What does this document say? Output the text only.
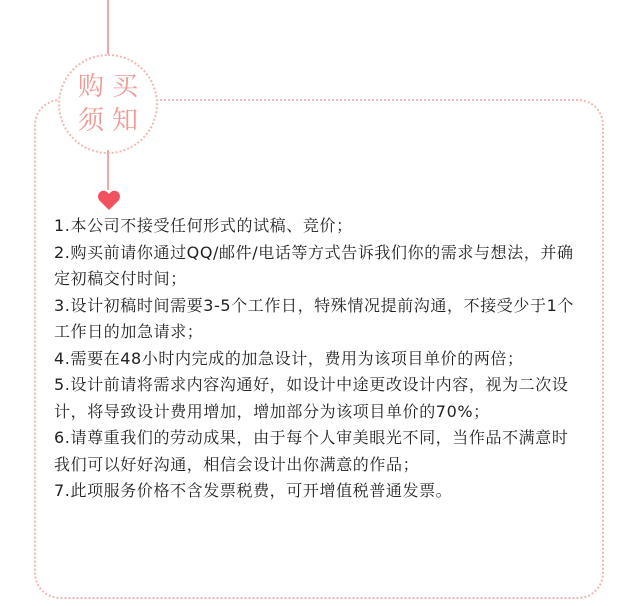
购买
须知
1.本公司不接受任何形式的试稿、竞价；
2.购买前请你通过QQ/邮件/电话等方式告诉我们你的需求与想法，并确定初稿交付时间；
3.设计初稿时间需要3-5个工作日，特殊情况提前沟通，不接受少于1个工作日的加急请求；
4.需要在48小时内完成的加急设计，费用为该项目单价的两倍；
5.设计前请将需求内容沟通好，如设计中途更改设计内容，视为二次设计，将导致设计费用增加，增加部分为该项目单价的70%；
6.请尊重我们的劳动成果，由于每个人审美眼光不同，当作品不满意时我们可以好好沟通，相信会设计出你满意的作品；
7.此项服务价格不含发票税费，可开增值税普通发票。
